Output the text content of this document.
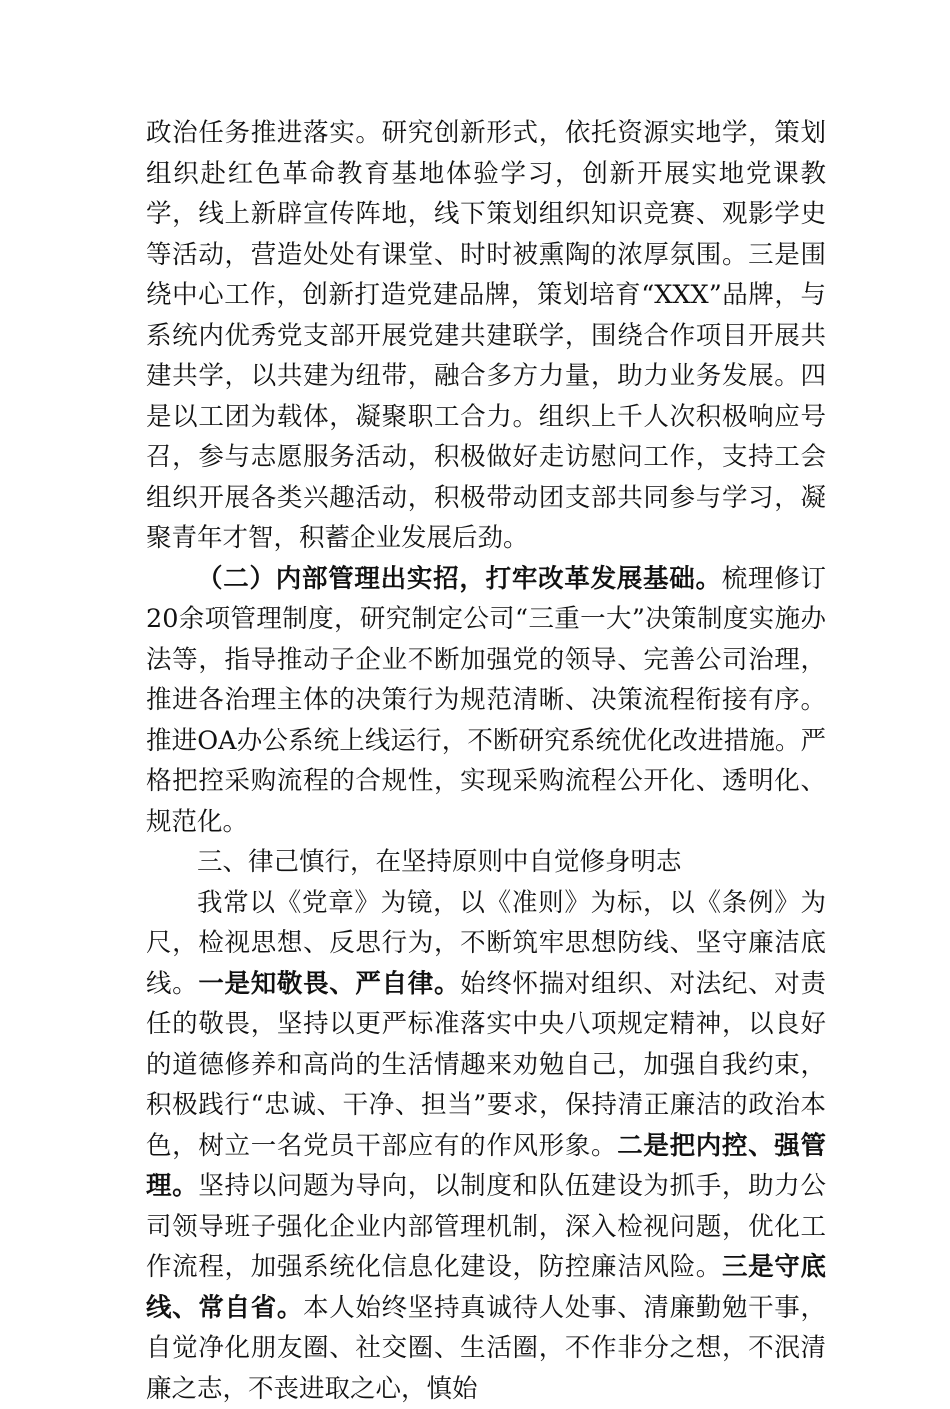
政治任务推进落实。研究创新形式，依托资源实地学，策划组织赴红色革命教育基地体验学习，创新开展实地党课教学，线上新辟宣传阵地，线下策划组织知识竞赛、观影学史等活动，营造处处有课堂、时时被熏陶的浓厚氛围。三是围绕中心工作，创新打造党建品牌，策划培育“XXX”品牌，与系统内优秀党支部开展党建共建联学，围绕合作项目开展共建共学，以共建为纽带，融合多方力量，助力业务发展。四是以工团为载体，凝聚职工合力。组织上千人次积极响应号召，参与志愿服务活动，积极做好走访慰问工作，支持工会组织开展各类兴趣活动，积极带动团支部共同参与学习，凝聚青年才智，积蓄企业发展后劲。

（二）内部管理出实招，打牢改革发展基础。梳理修订20余项管理制度，研究制定公司“三重一大”决策制度实施办法等，指导推动子企业不断加强党的领导、完善公司治理，推进各治理主体的决策行为规范清晰、决策流程衔接有序。推进OA办公系统上线运行，不断研究系统优化改进措施。严格把控采购流程的合规性，实现采购流程公开化、透明化、规范化。

三、律己慎行，在坚持原则中自觉修身明志

我常以《党章》为镜，以《准则》为标，以《条例》为尺，检视思想、反思行为，不断筑牢思想防线、坚守廉洁底线。一是知敬畏、严自律。始终怀揣对组织、对法纪、对责任的敬畏，坚持以更严标准落实中央八项规定精神，以良好的道德修养和高尚的生活情趣来劝勉自己，加强自我约束，积极践行“忠诚、干净、担当”要求，保持清正廉洁的政治本色，树立一名党员干部应有的作风形象。二是把内控、强管理。坚持以问题为导向，以制度和队伍建设为抓手，助力公司领导班子强化企业内部管理机制，深入检视问题，优化工作流程，加强系统化信息化建设，防控廉洁风险。三是守底线、常自省。本人始终坚持真诚待人处事、清廉勤勉干事，自觉净化朋友圈、社交圈、生活圈，不作非分之想，不泯清廉之志，不丧进取之心，慎始
